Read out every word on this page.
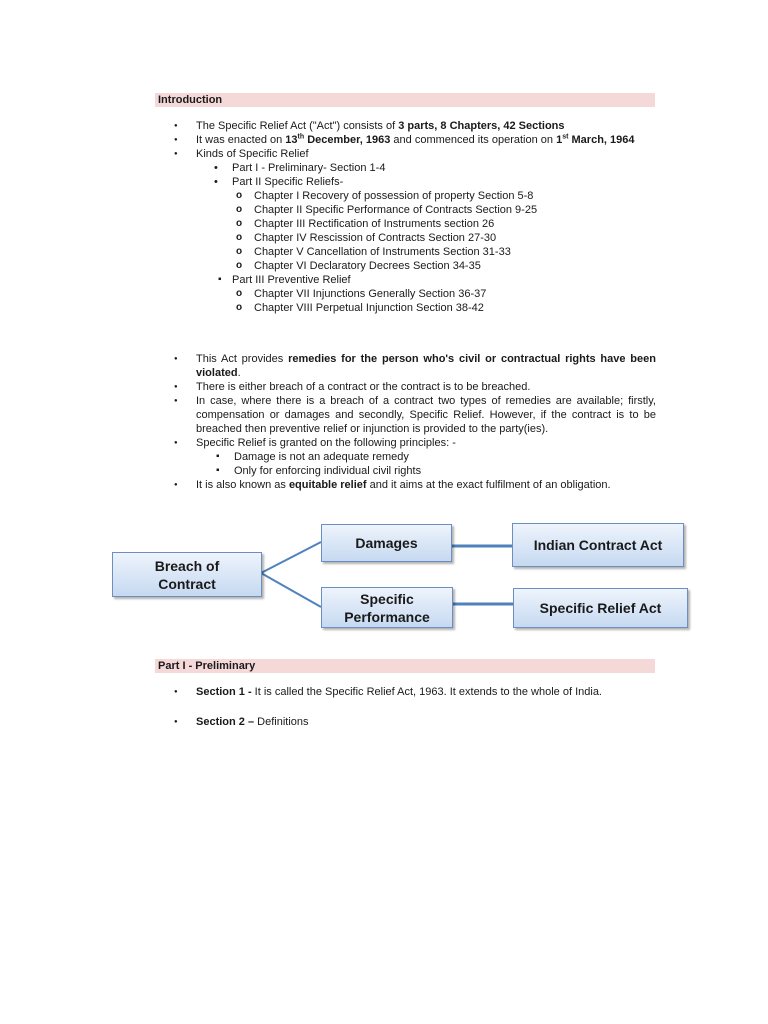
Introduction
● The Specific Relief Act ("Act") consists of 3 parts, 8 Chapters, 42 Sections
● It was enacted on 13th December, 1963 and commenced its operation on 1st March, 1964
● Kinds of Specific Relief
• Part I - Preliminary- Section 1-4
• Part II Specific Reliefs-
o Chapter I Recovery of possession of property Section 5-8
o Chapter II Specific Performance of Contracts Section 9-25
o Chapter III Rectification of Instruments section 26
o Chapter IV Rescission of Contracts Section 27-30
o Chapter V Cancellation of Instruments Section 31-33
o Chapter VI Declaratory Decrees Section 34-35
▪ Part III Preventive Relief
o Chapter VII Injunctions Generally Section 36-37
o Chapter VIII Perpetual Injunction Section 38-42
● This Act provides remedies for the person who's civil or contractual rights have been violated.
● There is either breach of a contract or the contract is to be breached.
● In case, where there is a breach of a contract two types of remedies are available; firstly, compensation or damages and secondly, Specific Relief. However, if the contract is to be breached then preventive relief or injunction is provided to the party(ies).
● Specific Relief is granted on the following principles: -
▪ Damage is not an adequate remedy
▪ Only for enforcing individual civil rights
● It is also known as equitable relief and it aims at the exact fulfilment of an obligation.
Breach of
Contract
Damages
Specific
Performance
Indian Contract Act
Specific Relief Act
Part I - Preliminary
● Section 1 - It is called the Specific Relief Act, 1963. It extends to the whole of India.
● Section 2 – Definitions
